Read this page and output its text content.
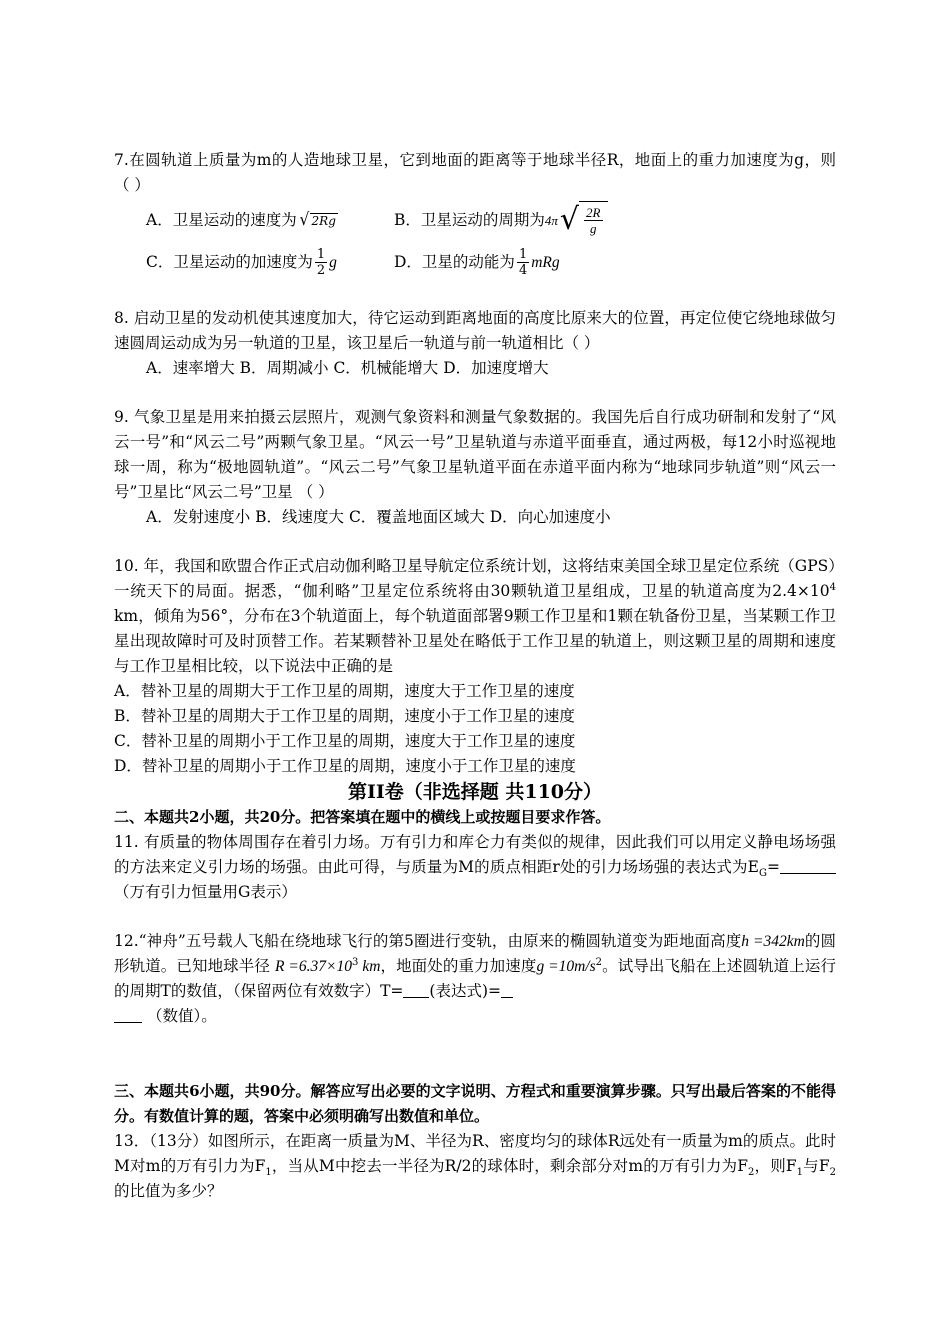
7.在圆轨道上质量为m的人造地球卫星，它到地面的距离等于地球半径R，地面上的重力加速度为g，则 （ ）

A．卫星运动的速度为 √ 2Rg	B．卫星运动的周期为 4π √ $\frac{2R}{g}$
C．卫星运动的加速度为 $\frac{1}{2}$ g	D．卫星的动能为 $\frac{1}{4}$ mRg

8. 启动卫星的发动机使其速度加大，待它运动到距离地面的高度比原来大的位置，再定位使它绕地球做匀速圆周运动成为另一轨道的卫星，该卫星后一轨道与前一轨道相比（ ）

A．速率增大 B．周期减小 C．机械能增大 D．加速度增大

9. 气象卫星是用来拍摄云层照片，观测气象资料和测量气象数据的。我国先后自行成功研制和发射了“风云一号”和“风云二号”两颗气象卫星。“风云一号”卫星轨道与赤道平面垂直，通过两极，每12小时巡视地球一周，称为“极地圆轨道”。“风云二号”气象卫星轨道平面在赤道平面内称为“地球同步轨道”则“风云一号”卫星比“风云二号”卫星 （ ）

A．发射速度小 B．线速度大 C．覆盖地面区域大 D．向心加速度小

10. 年，我国和欧盟合作正式启动伽利略卫星导航定位系统计划，这将结束美国全球卫星定位系统（GPS）一统天下的局面。据悉，“伽利略”卫星定位系统将由30颗轨道卫星组成，卫星的轨道高度为$2.4\times 10^4$ km，倾角为56°，分布在3个轨道面上，每个轨道面部署9颗工作卫星和1颗在轨备份卫星，当某颗工作卫星出现故障时可及时顶替工作。若某颗替补卫星处在略低于工作卫星的轨道上，则这颗卫星的周期和速度与工作卫星相比较，以下说法中正确的是

A．替补卫星的周期大于工作卫星的周期，速度大于工作卫星的速度

B．替补卫星的周期大于工作卫星的周期，速度小于工作卫星的速度

C．替补卫星的周期小于工作卫星的周期，速度大于工作卫星的速度

D．替补卫星的周期小于工作卫星的周期，速度小于工作卫星的速度

第II卷（非选择题 共110分）

二、本题共2小题，共20分。把答案填在题中的横线上或按题目要求作答。

11. 有质量的物体周围存在着引力场。万有引力和库仑力有类似的规律，因此我们可以用定义静电场场强的方法来定义引力场的场强。由此可得，与质量为M的质点相距r处的引力场场强的表达式为$E_G=$ （万有引力恒量用G表示）

12.“神舟”五号载人飞船在绕地球飞行的第5圈进行变轨，由原来的椭圆轨道变为距地面高度h =342km的圆形轨道。已知地球半径 $R =6.37\times 10^3$ km，地面处的重力加速度$g =10m/s^2$。试导出飞船在上述圆轨道上运行的周期T的数值，（保留两位有效数字）T= (表达式)=
（数值）。

三、本题共6小题，共90分。解答应写出必要的文字说明、方程式和重要演算步骤。只写出最后答案的不能得分。有数值计算的题，答案中必须明确写出数值和单位。

13．（13分）如图所示，在距离一质量为M、半径为R、密度均匀的球体R远处有一质量为m的质点。此时M对m的万有引力为$F_1$，当从M中挖去一半径为R/2的球体时，剩余部分对m的万有引力为$F_2$，则$F_1$与$F_2$的比值为多少？
